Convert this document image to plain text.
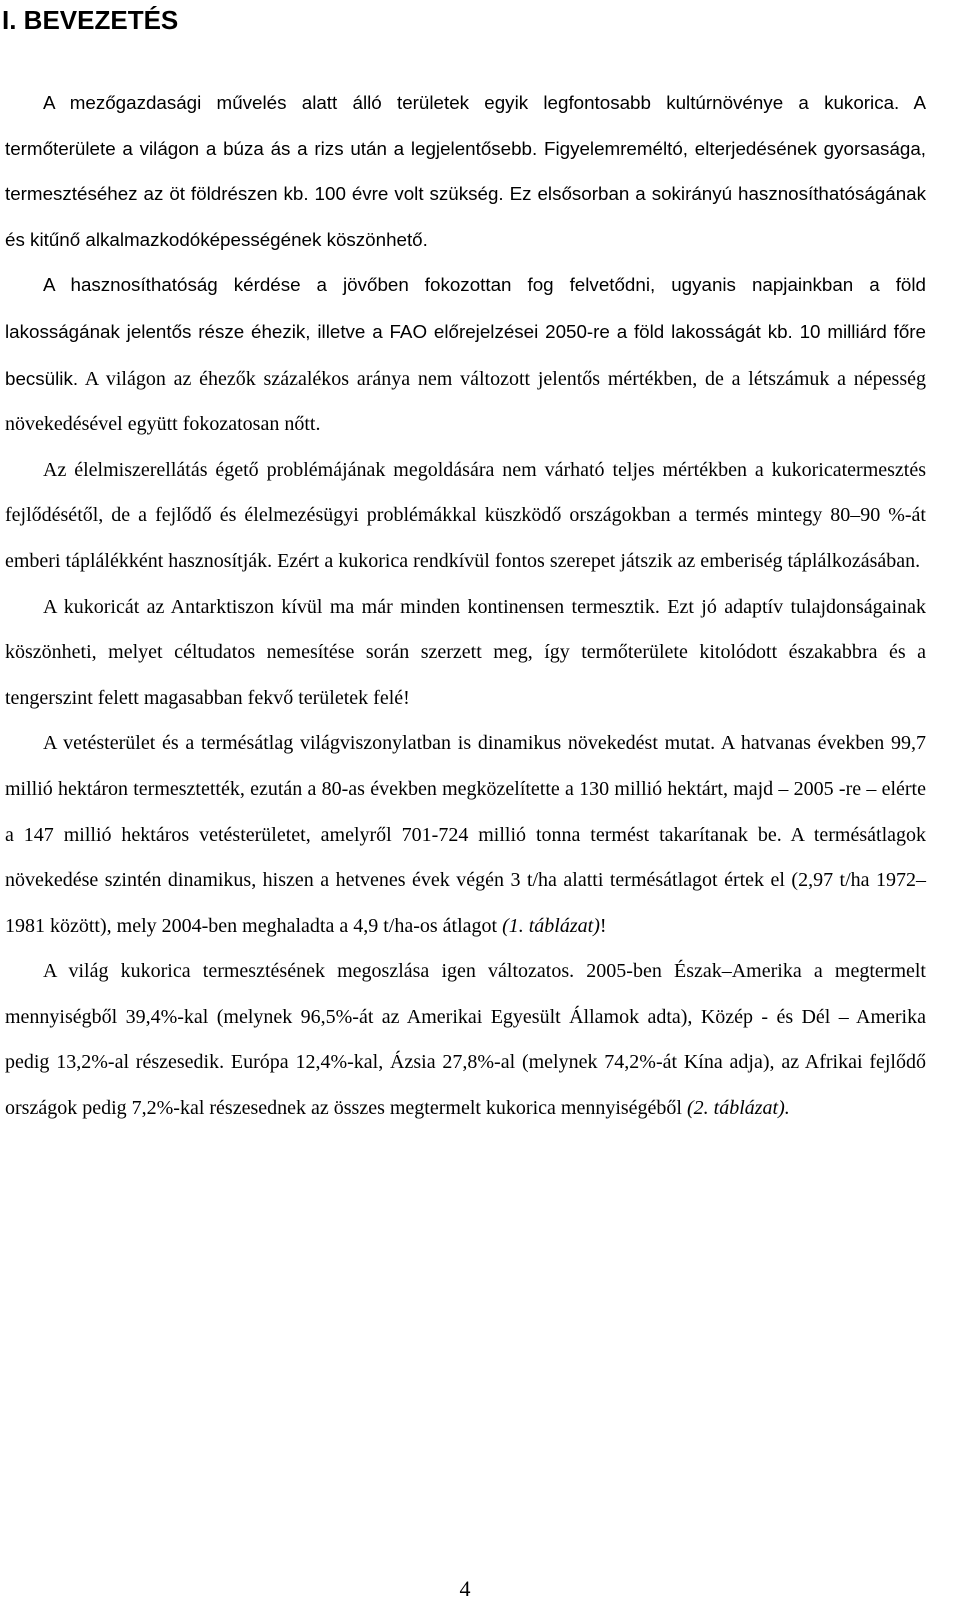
I. BEVEZETÉS

A mezőgazdasági művelés alatt álló területek egyik legfontosabb kultúrnövénye a kukorica. A termőterülete a világon a búza ás a rizs után a legjelentősebb. Figyelemreméltó, elterjedésének gyorsasága, termesztéséhez az öt földrészen kb. 100 évre volt szükség. Ez elsősorban a sokirányú hasznosíthatóságának és kitűnő alkalmazkodóképességének köszönhető.

A hasznosíthatóság kérdése a jövőben fokozottan fog felvetődni, ugyanis napjainkban a föld lakosságának jelentős része éhezik, illetve a FAO előrejelzései 2050-re a föld lakosságát kb. 10 milliárd főre becsülik. A világon az éhezők százalékos aránya nem változott jelentős mértékben, de a létszámuk a népesség növekedésével együtt fokozatosan nőtt.

Az élelmiszerellátás égető problémájának megoldására nem várható teljes mértékben a kukoricatermesztés fejlődésétől, de a fejlődő és élelmezésügyi problémákkal küszködő országokban a termés mintegy 80–90 %-át emberi táplálékként hasznosítják. Ezért a kukorica rendkívül fontos szerepet játszik az emberiség táplálkozásában.

A kukoricát az Antarktiszon kívül ma már minden kontinensen termesztik. Ezt jó adaptív tulajdonságainak köszönheti, melyet céltudatos nemesítése során szerzett meg, így termőterülete kitolódott északabbra és a tengerszint felett magasabban fekvő területek felé!

A vetésterület és a termésátlag világviszonylatban is dinamikus növekedést mutat. A hatvanas években 99,7 millió hektáron termesztették, ezután a 80-as években megközelítette a 130 millió hektárt, majd – 2005 -re – elérte a 147 millió hektáros vetésterületet, amelyről 701-724 millió tonna termést takarítanak be. A termésátlagok növekedése szintén dinamikus, hiszen a hetvenes évek végén 3 t/ha alatti termésátlagot értek el (2,97 t/ha 1972–1981 között), mely 2004-ben meghaladta a 4,9 t/ha-os átlagot (1. táblázat)!

A világ kukorica termesztésének megoszlása igen változatos. 2005-ben Észak–Amerika a megtermelt mennyiségből 39,4%-kal (melynek 96,5%-át az Amerikai Egyesült Államok adta), Közép - és Dél – Amerika pedig 13,2%-al részesedik. Európa 12,4%-kal, Ázsia 27,8%-al (melynek 74,2%-át Kína adja), az Afrikai fejlődő országok pedig 7,2%-kal részesednek az összes megtermelt kukorica mennyiségéből (2. táblázat).

4
